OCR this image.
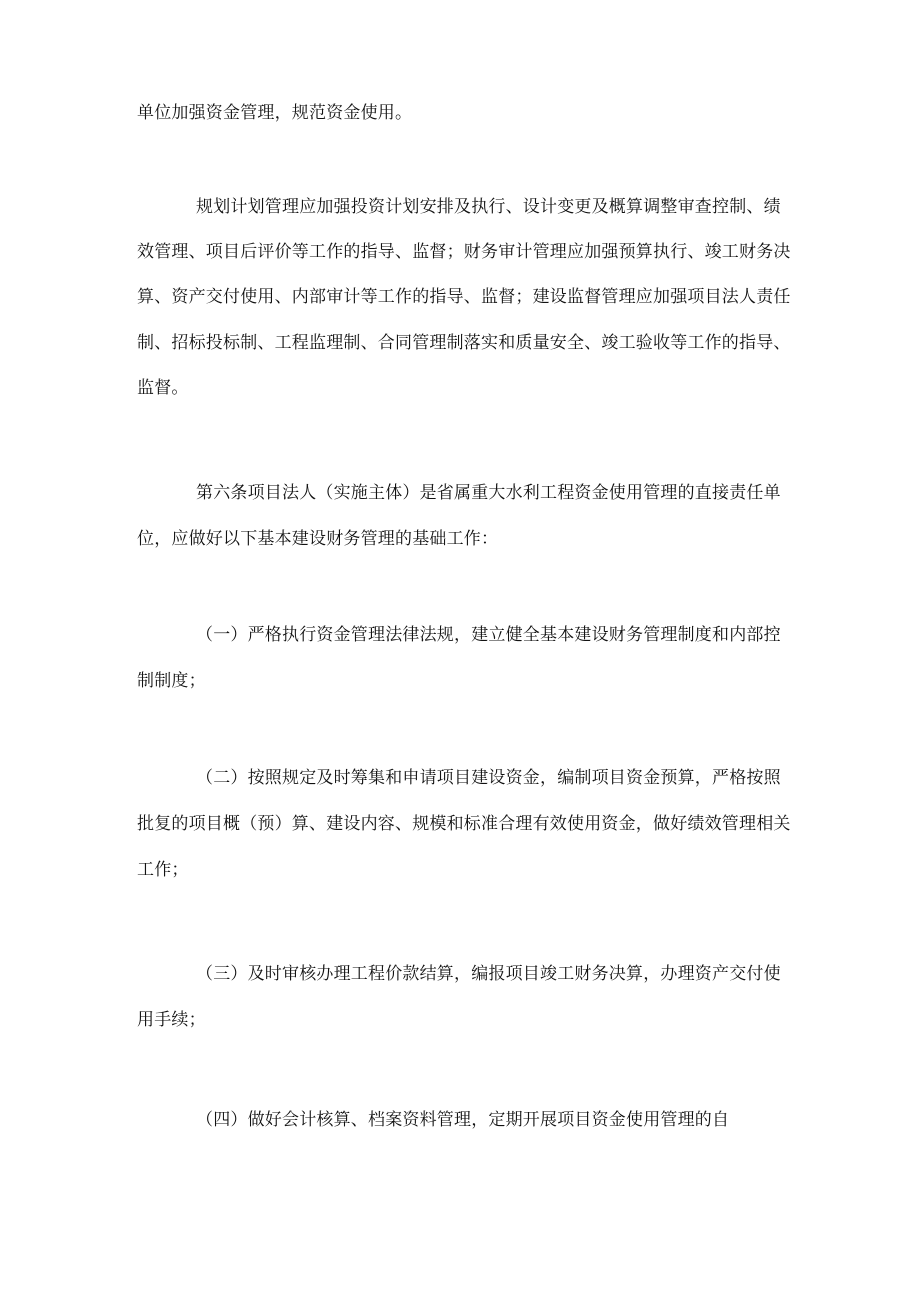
单位加强资金管理，规范资金使用。
规划计划管理应加强投资计划安排及执行、设计变更及概算调整审查控制、绩
效管理、项目后评价等工作的指导、监督；财务审计管理应加强预算执行、竣工财务决
算、资产交付使用、内部审计等工作的指导、监督；建设监督管理应加强项目法人责任
制、招标投标制、工程监理制、合同管理制落实和质量安全、竣工验收等工作的指导、
监督。
第六条项目法人（实施主体）是省属重大水利工程资金使用管理的直接责任单
位，应做好以下基本建设财务管理的基础工作：
（一）严格执行资金管理法律法规，建立健全基本建设财务管理制度和内部控
制制度；
（二）按照规定及时筹集和申请项目建设资金，编制项目资金预算，严格按照
批复的项目概（预）算、建设内容、规模和标准合理有效使用资金，做好绩效管理相关
工作；
（三）及时审核办理工程价款结算，编报项目竣工财务决算，办理资产交付使
用手续；
（四）做好会计核算、档案资料管理，定期开展项目资金使用管理的自
